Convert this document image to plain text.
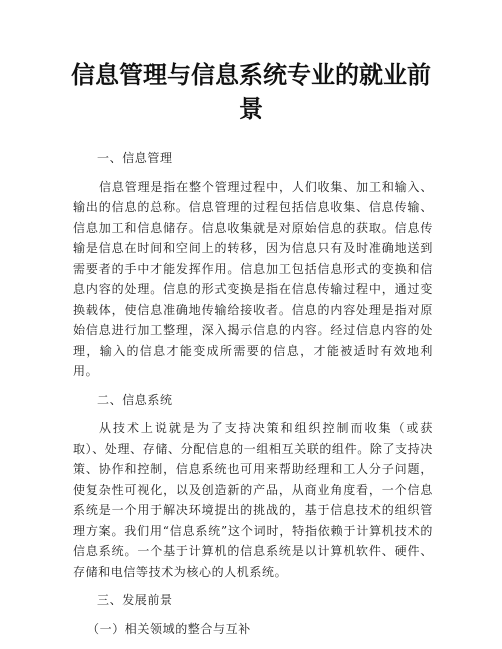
信息管理与信息系统专业的就业前景
一、信息管理
信息管理是指在整个管理过程中，人们收集、加工和输入、输出的信息的总称。信息管理的过程包括信息收集、信息传输、信息加工和信息储存。信息收集就是对原始信息的获取。信息传输是信息在时间和空间上的转移，因为信息只有及时准确地送到需要者的手中才能发挥作用。信息加工包括信息形式的变换和信息内容的处理。信息的形式变换是指在信息传输过程中，通过变换载体，使信息准确地传输给接收者。信息的内容处理是指对原始信息进行加工整理，深入揭示信息的内容。经过信息内容的处理，输入的信息才能变成所需要的信息，才能被适时有效地利用。
二、信息系统
从技术上说就是为了支持决策和组织控制而收集（或获取）、处理、存储、分配信息的一组相互关联的组件。除了支持决策、协作和控制，信息系统也可用来帮助经理和工人分子问题，使复杂性可视化，以及创造新的产品，从商业角度看，一个信息系统是一个用于解决环境提出的挑战的，基于信息技术的组织管理方案。我们用“信息系统”这个词时，特指依赖于计算机技术的信息系统。一个基于计算机的信息系统是以计算机软件、硬件、存储和电信等技术为核心的人机系统。
三、发展前景
（一）相关领域的整合与互补
